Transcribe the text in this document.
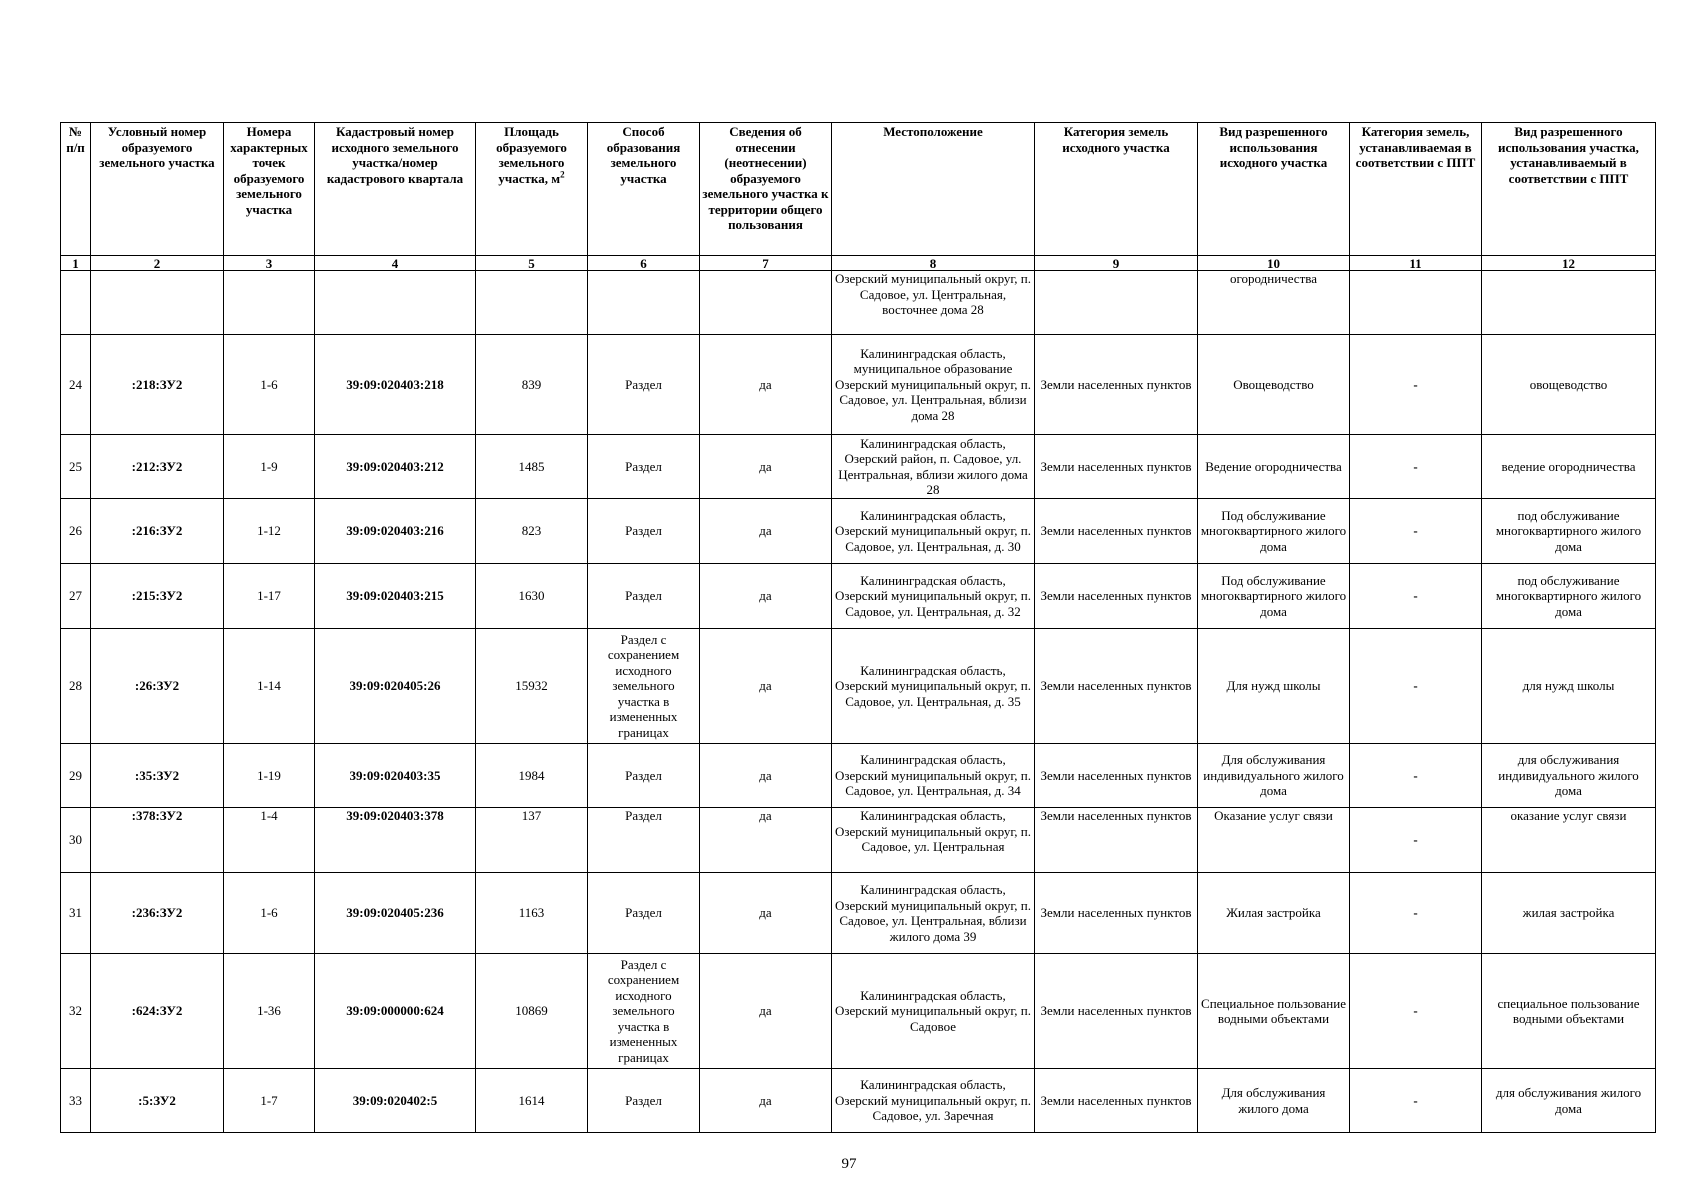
№ п/п	Условный номер образуемого земельного участка	Номера характерных точек образуемого земельного участка	Кадастровый номер исходного земельного участка/номер кадастрового квартала	Площадь образуемого земельного участка, $м^2$	Способ образования земельного участка	Сведения об отнесении (неотнесении) образуемого земельного участка к территории общего пользования	Местоположение	Категория земель исходного участка	Вид разрешенного использования исходного участка	Категория земель, устанавливаемая в соответствии с ППТ	Вид разрешенного использования участка, устанавливаемый в соответствии с ППТ
1	2	3	4	5	6	7	8	9	10	11	12
							Озерский муниципальный округ, п. Садовое, ул. Центральная, восточнее дома 28		огородничества		
24	:218:ЗУ2	1-6	39:09:020403:218	839	Раздел	да	Калининградская область, муниципальное образование Озерский муниципальный округ, п. Садовое, ул. Центральная, вблизи дома 28	Земли населенных пунктов	Овощеводство	-	овощеводство
25	:212:ЗУ2	1-9	39:09:020403:212	1485	Раздел	да	Калининградская область, Озерский район, п. Садовое, ул. Центральная, вблизи жилого дома 28	Земли населенных пунктов	Ведение огородничества	-	ведение огородничества
26	:216:ЗУ2	1-12	39:09:020403:216	823	Раздел	да	Калининградская область, Озерский муниципальный округ, п. Садовое, ул. Центральная, д. 30	Земли населенных пунктов	Под обслуживание многоквартирного жилого дома	-	под обслуживание многоквартирного жилого дома
27	:215:ЗУ2	1-17	39:09:020403:215	1630	Раздел	да	Калининградская область, Озерский муниципальный округ, п. Садовое, ул. Центральная, д. 32	Земли населенных пунктов	Под обслуживание многоквартирного жилого дома	-	под обслуживание многоквартирного жилого дома
28	:26:ЗУ2	1-14	39:09:020405:26	15932	Раздел с сохранением исходного земельного участка в измененных границах	да	Калининградская область, Озерский муниципальный округ, п. Садовое, ул. Центральная, д. 35	Земли населенных пунктов	Для нужд школы	-	для нужд школы
29	:35:ЗУ2	1-19	39:09:020403:35	1984	Раздел	да	Калининградская область, Озерский муниципальный округ, п. Садовое, ул. Центральная, д. 34	Земли населенных пунктов	Для обслуживания индивидуального жилого дома	-	для обслуживания индивидуального жилого дома
30	:378:ЗУ2	1-4	39:09:020403:378	137	Раздел	да	Калининградская область, Озерский муниципальный округ, п. Садовое, ул. Центральная	Земли населенных пунктов	Оказание услуг связи	-	оказание услуг связи
31	:236:ЗУ2	1-6	39:09:020405:236	1163	Раздел	да	Калининградская область, Озерский муниципальный округ, п. Садовое, ул. Центральная, вблизи жилого дома 39	Земли населенных пунктов	Жилая застройка	-	жилая застройка
32	:624:ЗУ2	1-36	39:09:000000:624	10869	Раздел с сохранением исходного земельного участка в измененных границах	да	Калининградская область, Озерский муниципальный округ, п. Садовое	Земли населенных пунктов	Специальное пользование водными объектами	-	специальное пользование водными объектами
33	:5:ЗУ2	1-7	39:09:020402:5	1614	Раздел	да	Калининградская область, Озерский муниципальный округ, п. Садовое, ул. Заречная	Земли населенных пунктов	Для обслуживания жилого дома	-	для обслуживания жилого дома
97
